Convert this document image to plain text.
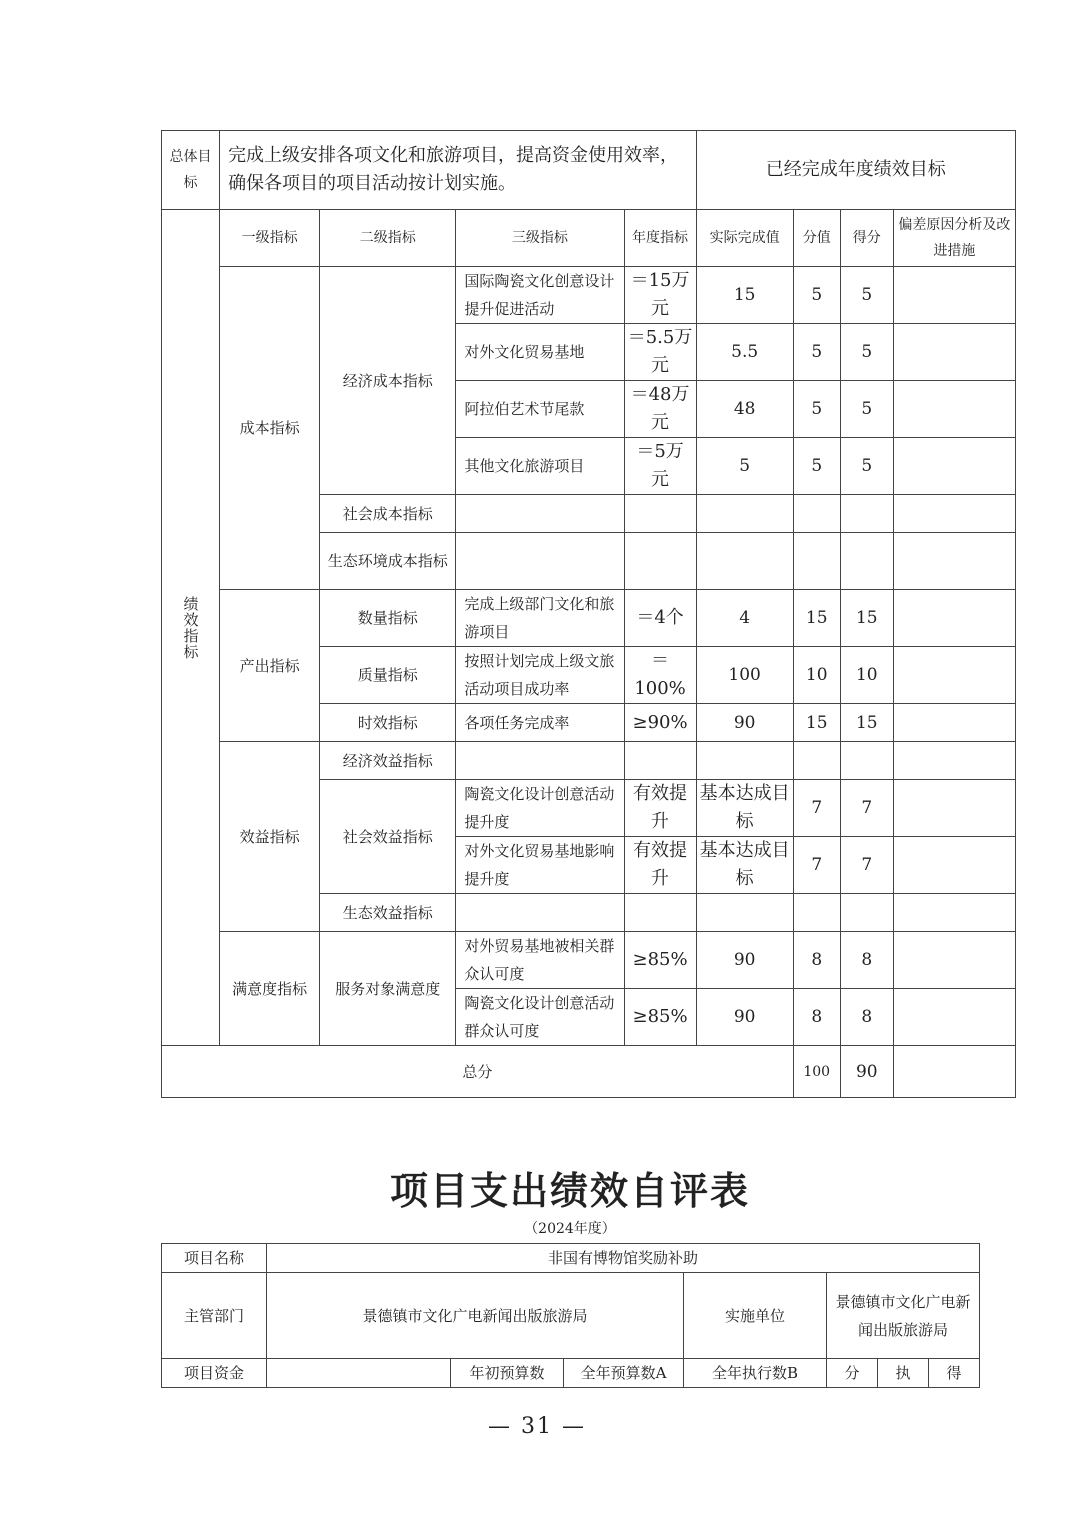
总体目标	完成上级安排各项文化和旅游项目，提高资金使用效率，确保各项目的项目活动按计划实施。				已经完成年度绩效目标			
绩效指标	一级指标	二级指标	三级指标	年度指标	实际完成值	分值	得分	偏差原因分析及改进措施
	成本指标	经济成本指标	国际陶瓷文化创意设计提升促进活动	＝15万元	15	5	5	
			对外文化贸易基地	＝5.5万元	5.5	5	5	
			阿拉伯艺术节尾款	＝48万元	48	5	5	
			其他文化旅游项目	＝5万元	5	5	5	
		社会成本指标						
		生态环境成本指标						
	产出指标	数量指标	完成上级部门文化和旅游项目	＝4个	4	15	15	
		质量指标	按照计划完成上级文旅活动项目成功率	＝100%	100	10	10	
		时效指标	各项任务完成率	≥90%	90	15	15	
	效益指标	经济效益指标						
		社会效益指标	陶瓷文化设计创意活动提升度	有效提升	基本达成目标	7	7	
			对外文化贸易基地影响提升度	有效提升	基本达成目标	7	7	
		生态效益指标						
	满意度指标	服务对象满意度	对外贸易基地被相关群众认可度	≥85%	90	8	8	
			陶瓷文化设计创意活动群众认可度	≥85%	90	8	8	
总分						100	90	
项目支出绩效自评表
（2024年度）
项目名称	非国有博物馆奖励补助						
主管部门	景德镇市文化广电新闻出版旅游局			实施单位	景德镇市文化广电新闻出版旅游局		
项目资金		年初预算数	全年预算数A	全年执行数B	分	执	得
— 31 —
